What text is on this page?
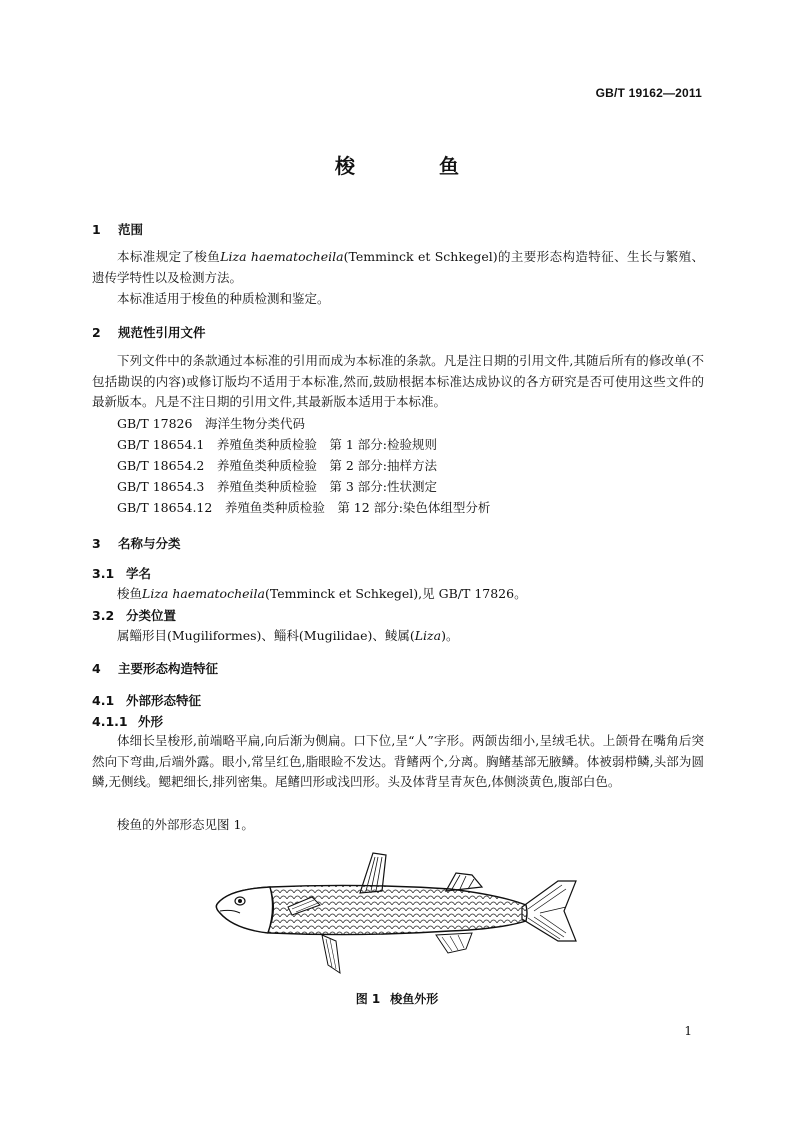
GB/T 19162—2011
梭	鱼
1 范围
本标准规定了梭鱼Liza haematocheila(Temminck et Schkegel)的主要形态构造特征、生长与繁殖、遗传学特性以及检测方法。
本标准适用于梭鱼的种质检测和鉴定。
2 规范性引用文件
下列文件中的条款通过本标准的引用而成为本标准的条款。凡是注日期的引用文件,其随后所有的修改单(不包括勘误的内容)或修订版均不适用于本标准,然而,鼓励根据本标准达成协议的各方研究是否可使用这些文件的最新版本。凡是不注日期的引用文件,其最新版本适用于本标准。
GB/T 17826　海洋生物分类代码
GB/T 18654.1　养殖鱼类种质检验　第 1 部分:检验规则
GB/T 18654.2　养殖鱼类种质检验　第 2 部分:抽样方法
GB/T 18654.3　养殖鱼类种质检验　第 3 部分:性状测定
GB/T 18654.12　养殖鱼类种质检验　第 12 部分:染色体组型分析
3 名称与分类
3.1 学名
梭鱼Liza haematocheila(Temminck et Schkegel),见 GB/T 17826。
3.2 分类位置
属鲻形目(Mugiliformes)、鲻科(Mugilidae)、鲮属(Liza)。
4 主要形态构造特征
4.1 外部形态特征
4.1.1 外形
体细长呈梭形,前端略平扁,向后渐为侧扁。口下位,呈“人”字形。两颌齿细小,呈绒毛状。上颌骨在嘴角后突然向下弯曲,后端外露。眼小,常呈红色,脂眼睑不发达。背鳍两个,分离。胸鳍基部无腋鳞。体被弱栉鳞,头部为圆鳞,无侧线。鳃耙细长,排列密集。尾鳍凹形或浅凹形。头及体背呈青灰色,体侧淡黄色,腹部白色。
梭鱼的外部形态见图 1。
图 1 梭鱼外形
1
